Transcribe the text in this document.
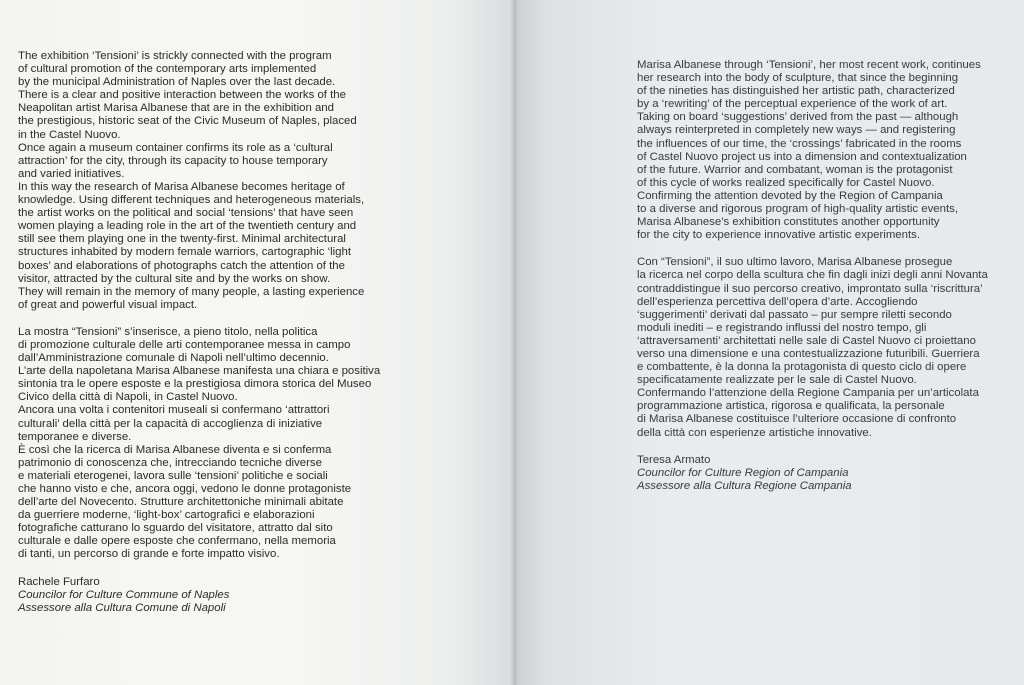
The exhibition ‘Tensioni’ is strickly connected with the program
of cultural promotion of the contemporary arts implemented
by the municipal Administration of Naples over the last decade.
There is a clear and positive interaction between the works of the
Neapolitan artist Marisa Albanese that are in the exhibition and
the prestigious, historic seat of the Civic Museum of Naples, placed
in the Castel Nuovo.
Once again a museum container confirms its role as a ‘cultural
attraction’ for the city, through its capacity to house temporary
and varied initiatives.
In this way the research of Marisa Albanese becomes heritage of
knowledge. Using different techniques and heterogeneous materials,
the artist works on the political and social ‘tensions’ that have seen
women playing a leading role in the art of the twentieth century and
still see them playing one in the twenty-first. Minimal architectural
structures inhabited by modern female warriors, cartographic ‘light
boxes’ and elaborations of photographs catch the attention of the
visitor, attracted by the cultural site and by the works on show.
They will remain in the memory of many people, a lasting experience
of great and powerful visual impact.
La mostra “Tensioni” s’inserisce, a pieno titolo, nella politica
di promozione culturale delle arti contemporanee messa in campo
dall’Amministrazione comunale di Napoli nell’ultimo decennio.
L’arte della napoletana Marisa Albanese manifesta una chiara e positiva
sintonia tra le opere esposte e la prestigiosa dimora storica del Museo
Civico della città di Napoli, in Castel Nuovo.
Ancora una volta i contenitori museali si confermano ‘attrattori
culturali’ della città per la capacità di accoglienza di iniziative
temporanee e diverse.
È così che la ricerca di Marisa Albanese diventa e si conferma
patrimonio di conoscenza che, intrecciando tecniche diverse
e materiali eterogenei, lavora sulle ‘tensioni’ politiche e sociali
che hanno visto e che, ancora oggi, vedono le donne protagoniste
dell’arte del Novecento. Strutture architettoniche minimali abitate
da guerriere moderne, ‘light-box’ cartografici e elaborazioni
fotografiche catturano lo sguardo del visitatore, attratto dal sito
culturale e dalle opere esposte che confermano, nella memoria
di tanti, un percorso di grande e forte impatto visivo.
Rachele Furfaro
Councilor for Culture Commune of Naples
Assessore alla Cultura Comune di Napoli
Marisa Albanese through ‘Tensioni’, her most recent work, continues
her research into the body of sculpture, that since the beginning
of the nineties has distinguished her artistic path, characterized
by a ‘rewriting’ of the perceptual experience of the work of art.
Taking on board ‘suggestions’ derived from the past — although
always reinterpreted in completely new ways — and registering
the influences of our time, the ‘crossings’ fabricated in the rooms
of Castel Nuovo project us into a dimension and contextualization
of the future. Warrior and combatant, woman is the protagonist
of this cycle of works realized specifically for Castel Nuovo.
Confirming the attention devoted by the Region of Campania
to a diverse and rigorous program of high-quality artistic events,
Marisa Albanese’s exhibition constitutes another opportunity
for the city to experience innovative artistic experiments.
Con “Tensioni”, il suo ultimo lavoro, Marisa Albanese prosegue
la ricerca nel corpo della scultura che fin dagli inizi degli anni Novanta
contraddistingue il suo percorso creativo, improntato sulla ‘riscrittura’
dell’esperienza percettiva dell’opera d’arte. Accogliendo
‘suggerimenti’ derivati dal passato – pur sempre riletti secondo
moduli inediti – e registrando influssi del nostro tempo, gli
‘attraversamenti’ architettati nelle sale di Castel Nuovo ci proiettano
verso una dimensione e una contestualizzazione futuribili. Guerriera
e combattente, è la donna la protagonista di questo ciclo di opere
specificatamente realizzate per le sale di Castel Nuovo.
Confermando l’attenzione della Regione Campania per un’articolata
programmazione artistica, rigorosa e qualificata, la personale
di Marisa Albanese costituisce l’ulteriore occasione di confronto
della città con esperienze artistiche innovative.
Teresa Armato
Councilor for Culture Region of Campania
Assessore alla Cultura Regione Campania
